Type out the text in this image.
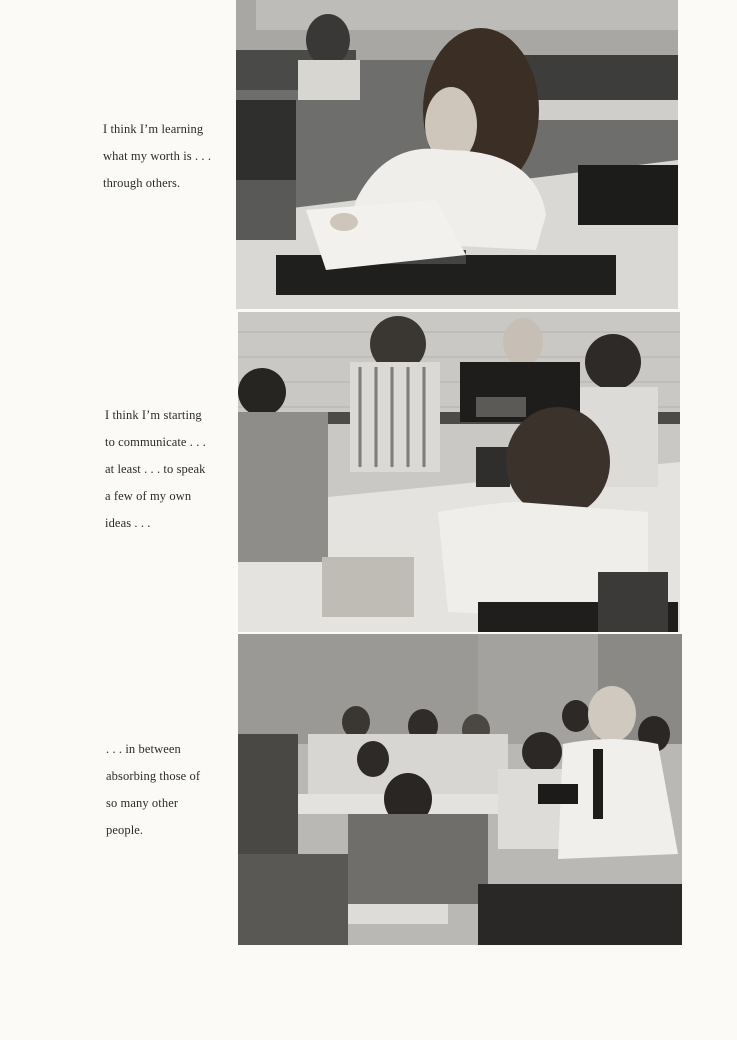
I think I’m learning
what my worth is . . .
through others.
I think I’m starting
to communicate . . .
at least . . . to speak
a few of my own
ideas . . .
. . . in between
absorbing those of
so many other
people.
